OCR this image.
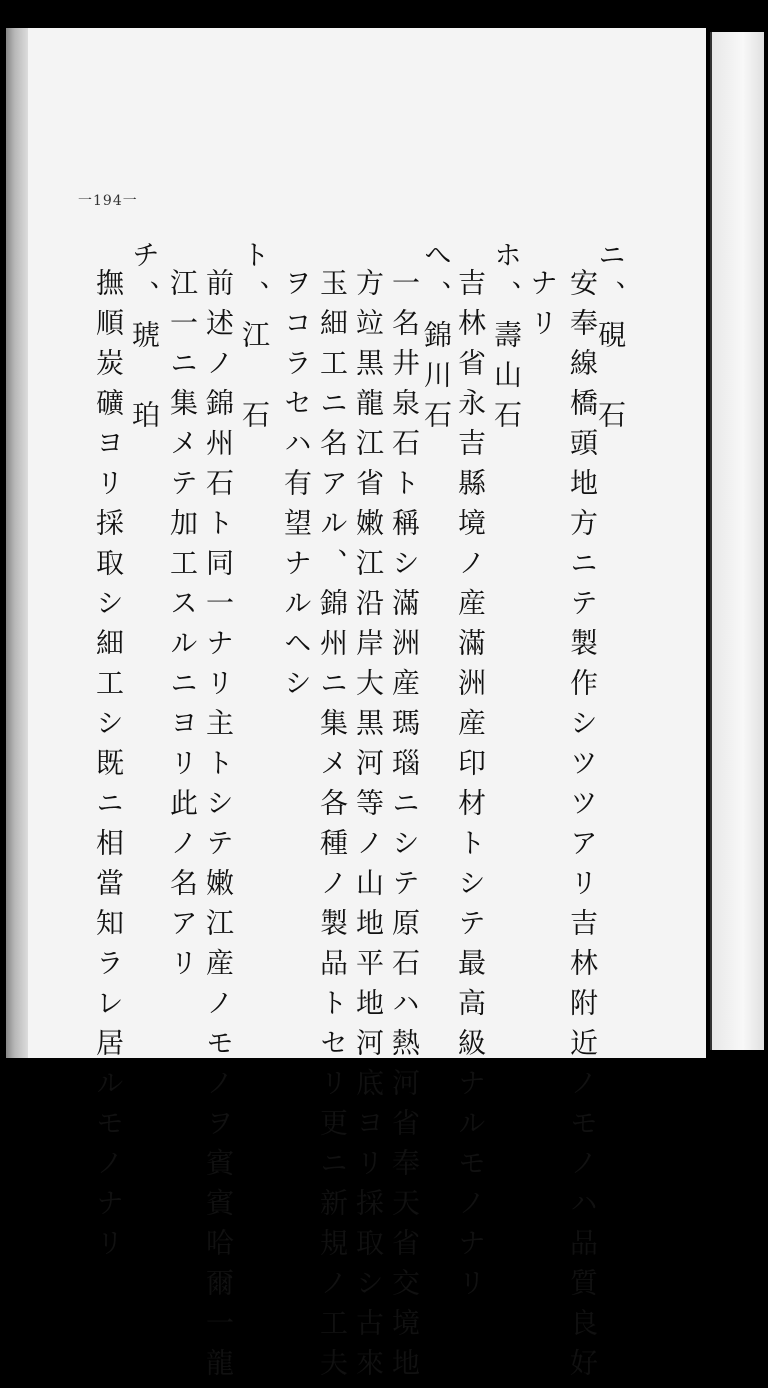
一194一
ニ、硯　石
安奉線橋頭地方ニテ製作シツツアリ吉林附近ノモノハ品質良好
ナリ
ホ、壽山石
吉林省永吉縣境ノ産滿洲産印材トシテ最高級ナルモノナリ
へ、錦川石
一名井泉石ト稱シ滿洲産瑪瑙ニシテ原石ハ熱河省奉天省交境地
方竝黒龍江省嫩江沿岸大黒河等ノ山地平地河底ヨリ採取シ古來
玉細工ニ名アル、錦州ニ集メ各種ノ製品トセリ更ニ新規ノ工夫
ヲコラセハ有望ナルヘシ
ト、江　石
前述ノ錦州石ト同一ナリ主トシテ嫩江産ノモノヲ賓賓哈爾一龍
江一ニ集メテ加工スルニヨリ此ノ名アリ
チ、琥　珀
撫順炭礦ヨリ採取シ細工シ既ニ相當知ラレ居ルモノナリ
